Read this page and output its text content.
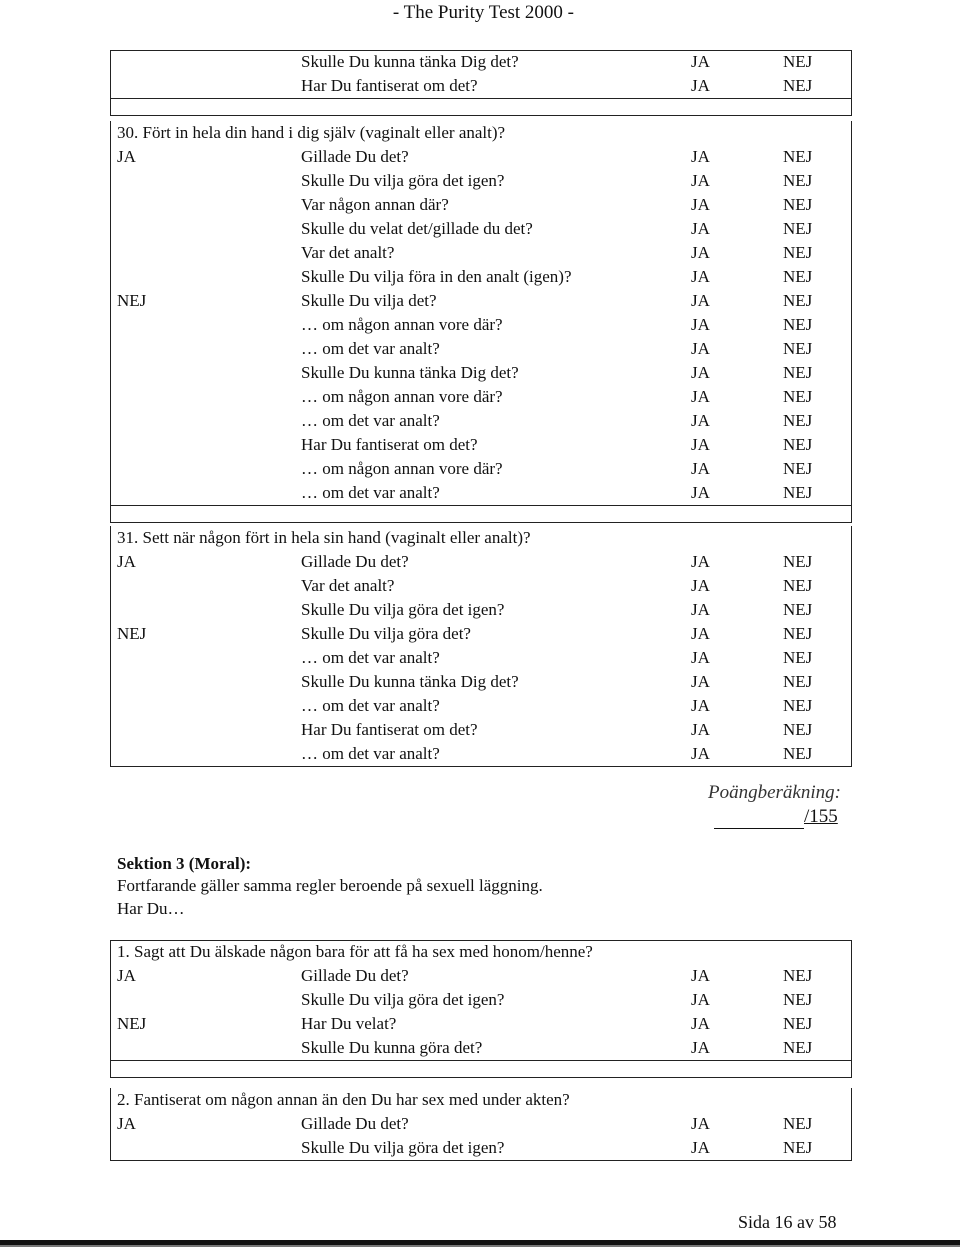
- The Purity Test 2000 -
Skulle Du kunna tänka Dig det?	JA	NEJ
Har Du fantiserat om det?	JA	NEJ
30. Fört in hela din hand i dig själv (vaginalt eller analt)?
JA	Gillade Du det?	JA	NEJ
Skulle Du vilja göra det igen?	JA	NEJ
Var någon annan där?	JA	NEJ
Skulle du velat det/gillade du det?	JA	NEJ
Var det analt?	JA	NEJ
Skulle Du vilja föra in den analt (igen)?	JA	NEJ
NEJ	Skulle Du vilja det?	JA	NEJ
… om någon annan vore där?	JA	NEJ
… om det var analt?	JA	NEJ
Skulle Du kunna tänka Dig det?	JA	NEJ
… om någon annan vore där?	JA	NEJ
… om det var analt?	JA	NEJ
Har Du fantiserat om det?	JA	NEJ
… om någon annan vore där?	JA	NEJ
… om det var analt?	JA	NEJ
31. Sett när någon fört in hela sin hand (vaginalt eller analt)?
JA	Gillade Du det?	JA	NEJ
Var det analt?	JA	NEJ
Skulle Du vilja göra det igen?	JA	NEJ
NEJ	Skulle Du vilja göra det?	JA	NEJ
… om det var analt?	JA	NEJ
Skulle Du kunna tänka Dig det?	JA	NEJ
… om det var analt?	JA	NEJ
Har Du fantiserat om det?	JA	NEJ
… om det var analt?	JA	NEJ
Poängberäkning:
/155
Sektion 3 (Moral):
Fortfarande gäller samma regler beroende på sexuell läggning.
Har Du…
1. Sagt att Du älskade någon bara för att få ha sex med honom/henne?
JA	Gillade Du det?	JA	NEJ
Skulle Du vilja göra det igen?	JA	NEJ
NEJ	Har Du velat?	JA	NEJ
Skulle Du kunna göra det?	JA	NEJ
2. Fantiserat om någon annan än den Du har sex med under akten?
JA	Gillade Du det?	JA	NEJ
Skulle Du vilja göra det igen?	JA	NEJ
Sida 16 av 58
